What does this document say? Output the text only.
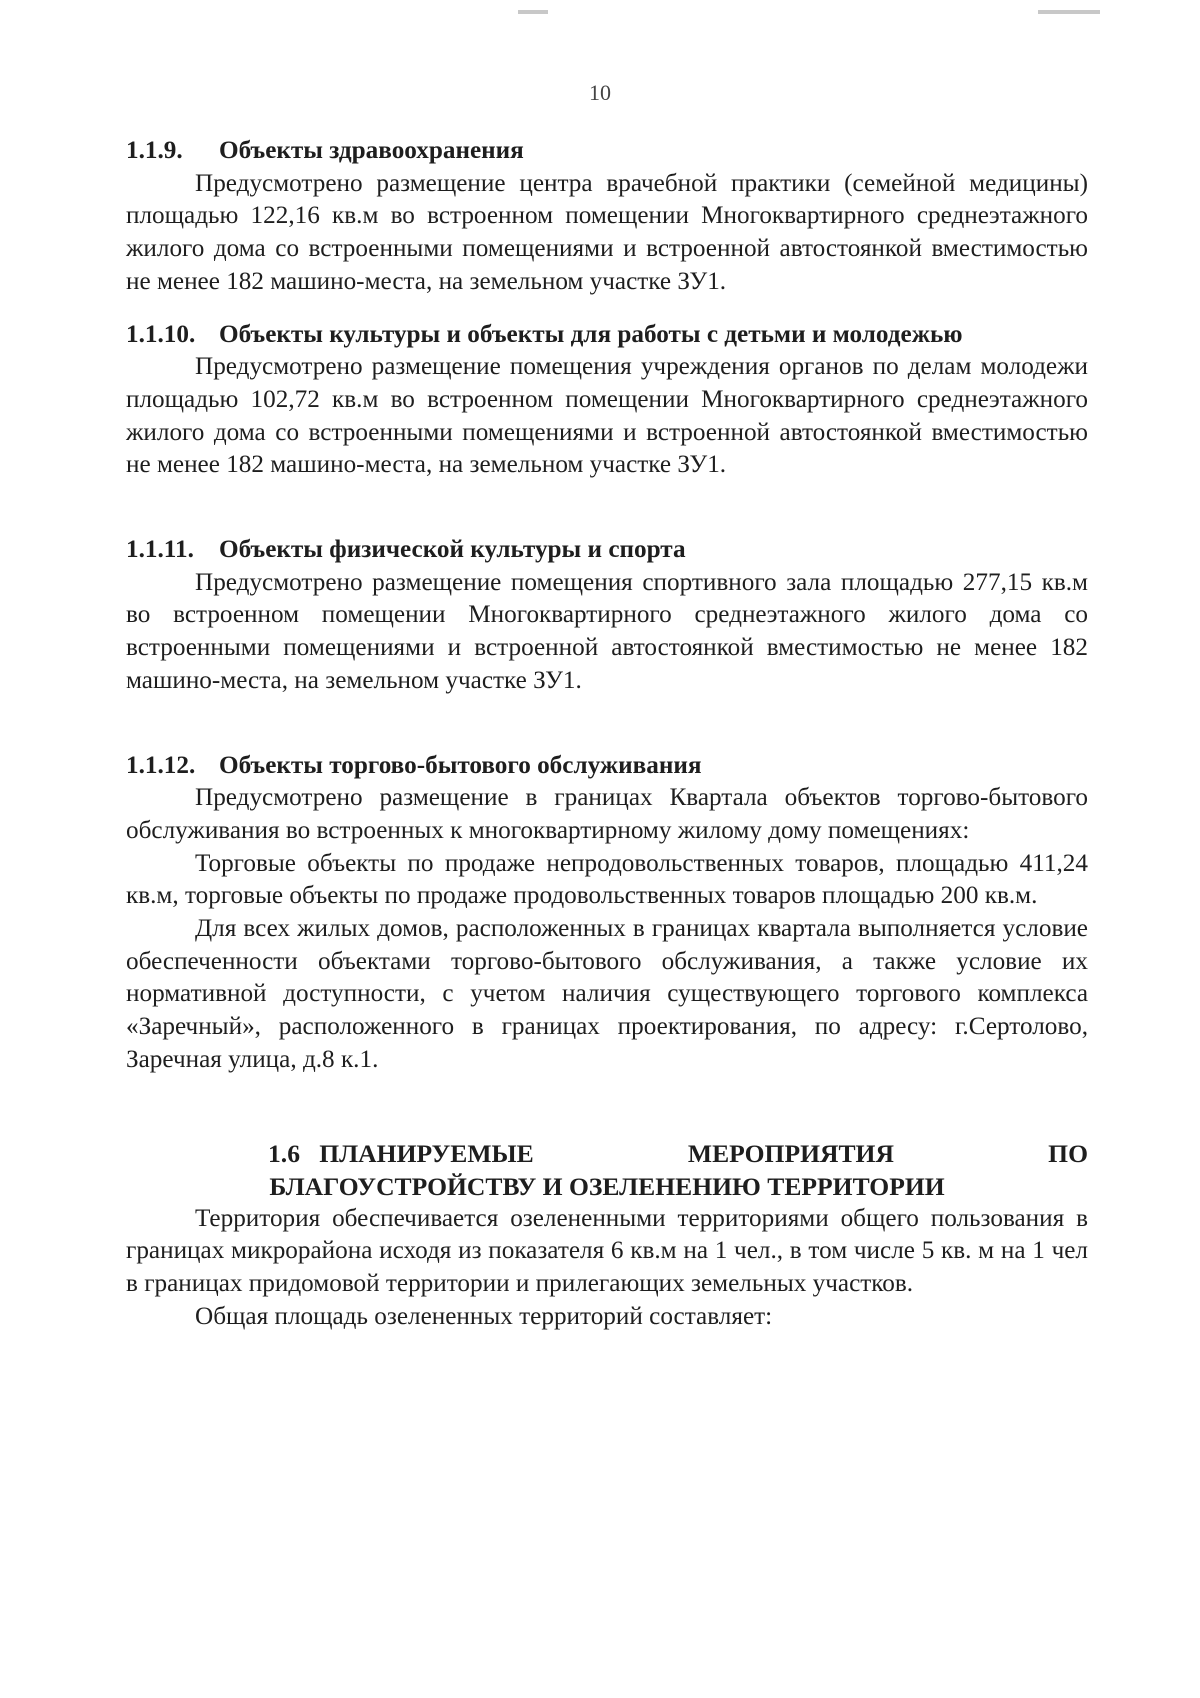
10
1.1.9.	Объекты здравоохранения

Предусмотрено размещение центра врачебной практики (семейной медицины) площадью 122,16 кв.м во встроенном помещении Многоквартирного среднеэтажного жилого дома со встроенными помещениями и встроенной автостоянкой вместимостью не менее 182 машино-места, на земельном участке ЗУ1.

1.1.10. Объекты культуры и объекты для работы с детьми и молодежью

Предусмотрено размещение помещения учреждения органов по делам молодежи площадью 102,72 кв.м во встроенном помещении Многоквартирного среднеэтажного жилого дома со встроенными помещениями и встроенной автостоянкой вместимостью не менее 182 машино-места, на земельном участке ЗУ1.

1.1.11. Объекты физической культуры и спорта

Предусмотрено размещение помещения спортивного зала площадью 277,15 кв.м во встроенном помещении Многоквартирного среднеэтажного жилого дома со встроенными помещениями и встроенной автостоянкой вместимостью не менее 182 машино-места, на земельном участке ЗУ1.

1.1.12. Объекты торгово-бытового обслуживания

Предусмотрено размещение в границах Квартала объектов торгово-бытового обслуживания во встроенных к многоквартирному жилому дому помещениях:

Торговые объекты по продаже непродовольственных товаров, площадью 411,24 кв.м, торговые объекты по продаже продовольственных товаров площадью 200 кв.м.

Для всех жилых домов, расположенных в границах квартала выполняется условие обеспеченности объектами торгово-бытового обслуживания, а также условие их нормативной доступности, с учетом наличия существующего торгового комплекса «Заречный», расположенного в границах проектирования, по адресу: г.Сертолово, Заречная улица, д.8 к.1.

1.6 ПЛАНИРУЕМЫЕ	МЕРОПРИЯТИЯ	ПО
БЛАГОУСТРОЙСТВУ И ОЗЕЛЕНЕНИЮ ТЕРРИТОРИИ

Территория обеспечивается озелененными территориями общего пользования в границах микрорайона исходя из показателя 6 кв.м на 1 чел., в том числе 5 кв. м на 1 чел в границах придомовой территории и прилегающих земельных участков.

Общая площадь озелененных территорий составляет:
